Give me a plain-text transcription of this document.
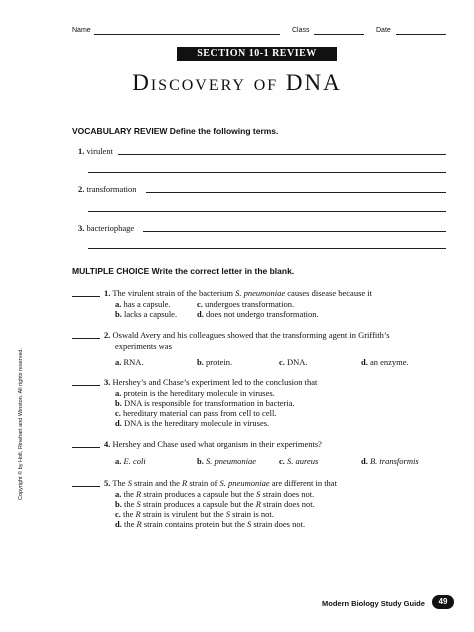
Name	Class	Date
SECTION 10-1 REVIEW
Discovery of DNA
VOCABULARY REVIEW Define the following terms.
1. virulent
2. transformation
3. bacteriophage
MULTIPLE CHOICE Write the correct letter in the blank.
1. The virulent strain of the bacterium S. pneumoniae causes disease because it
a. has a capsule.	c. undergoes transformation.
b. lacks a capsule. d. does not undergo transformation.
2. Oswald Avery and his colleagues showed that the transforming agent in Griffith’s
experiments was
a. RNA.	b. protein.	c. DNA.	d. an enzyme.
3. Hershey’s and Chase’s experiment led to the conclusion that
a. protein is the hereditary molecule in viruses.
b. DNA is responsible for transformation in bacteria.
c. hereditary material can pass from cell to cell.
d. DNA is the hereditary molecule in viruses.
4. Hershey and Chase used what organism in their experiments?
a. E. coli	b. S. pneumoniae	c. S. aureus	d. B. transformis
5. The S strain and the R strain of S. pneumoniae are different in that
a. the R strain produces a capsule but the S strain does not.
b. the S strain produces a capsule but the R strain does not.
c. the R strain is virulent but the S strain is not.
d. the R strain contains protein but the S strain does not.
Copyright © by Holt, Rinehart and Winston. All rights reserved.
Modern Biology Study Guide	49
